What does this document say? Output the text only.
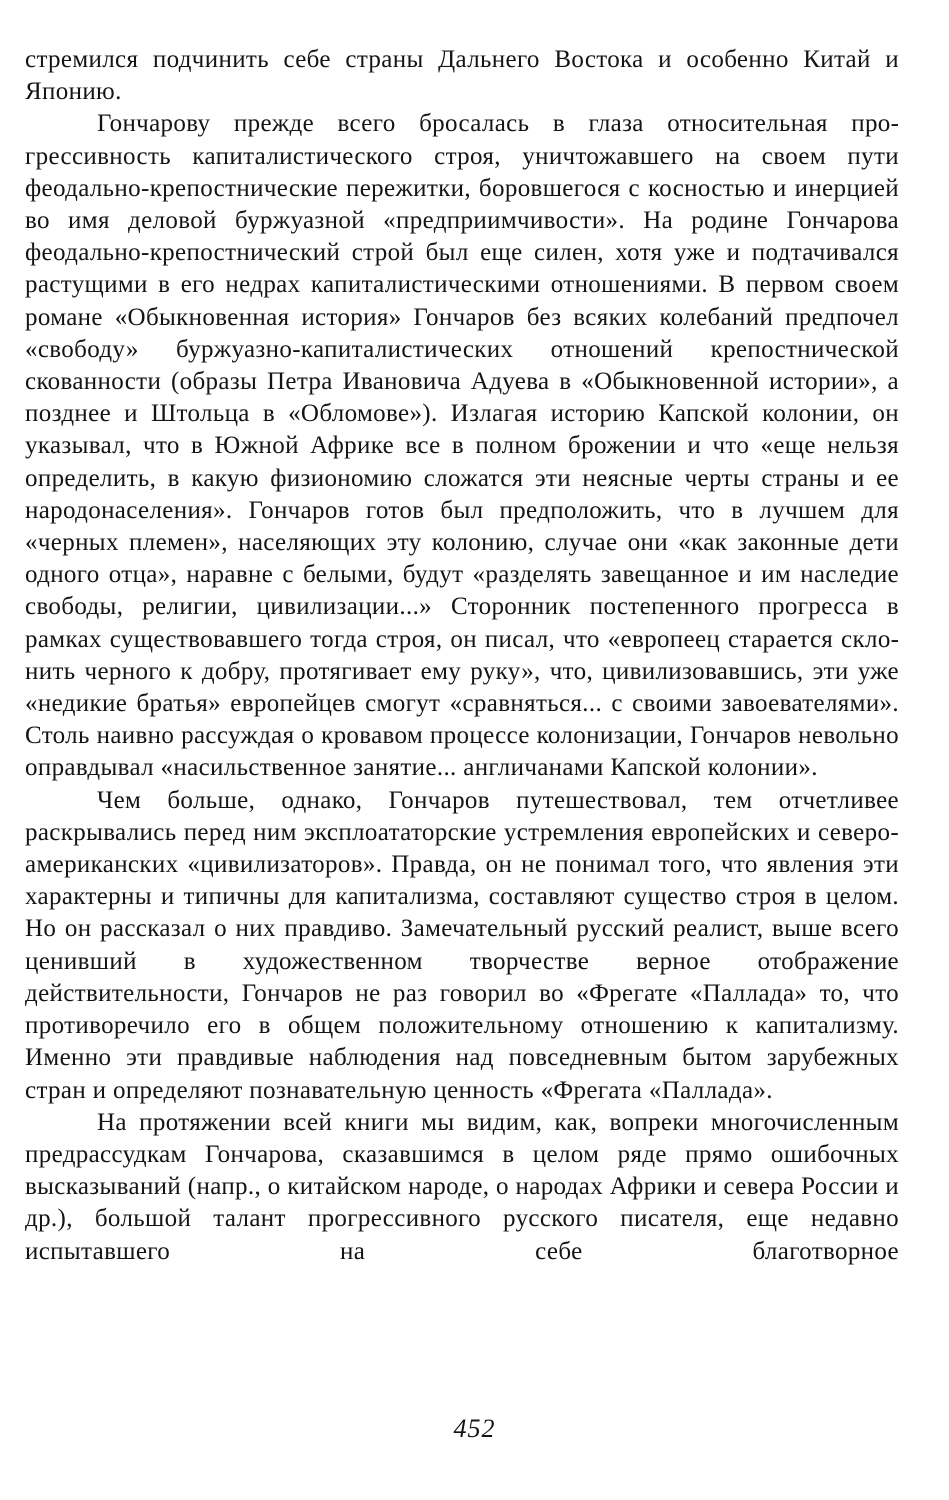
стремился подчинить себе страны Дальнего Востока и особенно Китай и Японию.

Гончарову прежде всего бросалась в глаза относительная прогрессивность капиталистического строя, уничтожавшего на своем пути феодально-крепостнические пережитки, боровшегося с косностью и инерцией во имя деловой буржуазной «предприимчивости». На родине Гончарова феодально-крепостнический строй был еще силен, хотя уже и подтачивался растущими в его недрах капиталистическими отношениями. В первом своем романе «Обыкновенная история» Гончаров без всяких колебаний предпочел «свободу» буржуазно-капиталистических отношений крепостнической скованности (образы Петра Ивановича Адуева в «Обыкновенной истории», а позднее и Штольца в «Обломове»). Излагая историю Капской колонии, он указывал, что в Южной Африке все в полном брожении и что «еще нельзя определить, в какую физиономию сложатся эти неясные черты страны и ее народонаселения». Гончаров готов был предположить, что в лучшем для «черных племен», населяющих эту колонию, случае они «как законные дети одного отца», наравне с белыми, будут «разделять завещанное и им наследие свободы, религии, цивилизации...» Сторонник постепенного прогресса в рамках существовавшего тогда строя, он писал, что «европеец старается склонить черного к добру, протягивает ему руку», что, цивилизовавшись, эти уже «недикие братья» европейцев смогут «сравняться... с своими завоевателями». Столь наивно рассуждая о кровавом процессе колонизации, Гончаров невольно оправдывал «насильственное занятие... англичанами Капской колонии».

Чем больше, однако, Гончаров путешествовал, тем отчетливее раскрывались перед ним эксплоататорские устремления европейских и северо-американских «цивилизаторов». Правда, он не понимал того, что явления эти характерны и типичны для капитализма, составляют существо строя в целом. Но он рассказал о них правдиво. Замечательный русский реалист, выше всего ценивший в художественном творчестве верное отображение действительности, Гончаров не раз говорил во «Фрегате «Паллада» то, что противоречило его в общем положительному отношению к капитализму. Именно эти правдивые наблюдения над повседневным бытом зарубежных стран и определяют познавательную ценность «Фрегата «Паллада».

На протяжении всей книги мы видим, как, вопреки многочисленным предрассудкам Гончарова, сказавшимся в целом ряде прямо ошибочных высказываний (напр., о китайском народе, о народах Африки и севера России и др.), большой талант прогрессивного русского писателя, еще недавно испытавшего на себе благотворное

452
